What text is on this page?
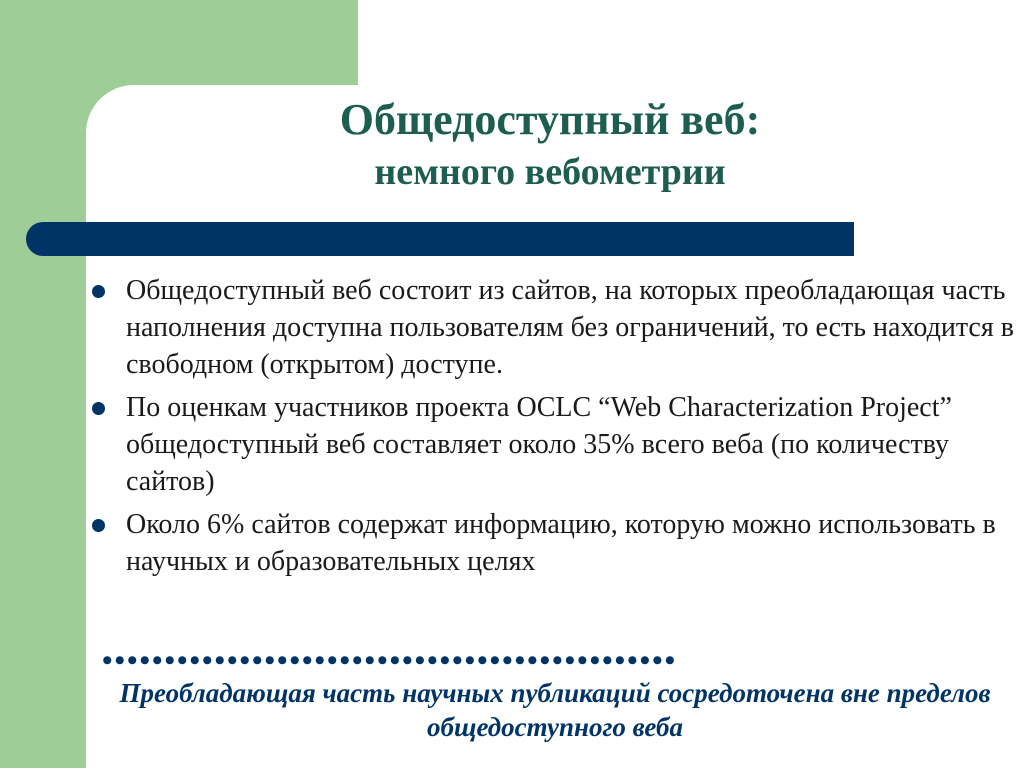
Общедоступный веб:
немного вебометрии
Общедоступный веб состоит из сайтов, на которых преобладающая часть наполнения доступна пользователям без ограничений, то есть находится в свободном (открытом) доступе.
По оценкам участников проекта OCLC “Web Characterization Project” общедоступный веб составляет около 35% всего веба (по количеству сайтов)
Около 6% сайтов содержат информацию, которую можно использовать в научных и образовательных целях
••••••••••••••••••••••••••••••••••••••••••••••
Преобладающая часть научных публикаций сосредоточена вне пределов общедоступного веба
